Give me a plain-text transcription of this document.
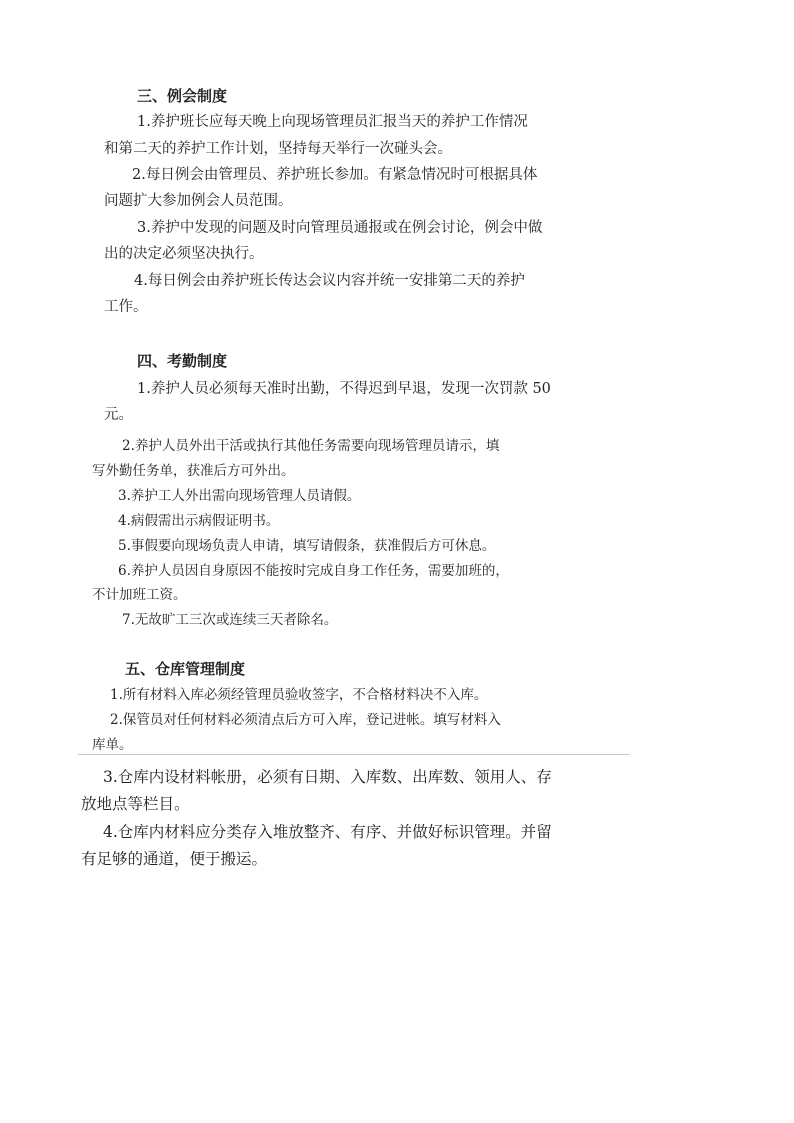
三、例会制度
1.养护班长应每天晚上向现场管理员汇报当天的养护工作情况
和第二天的养护工作计划，坚持每天举行一次碰头会。
2.每日例会由管理员、养护班长参加。有紧急情况时可根据具体
问题扩大参加例会人员范围。
3.养护中发现的问题及时向管理员通报或在例会讨论，例会中做
出的决定必须坚决执行。
4.每日例会由养护班长传达会议内容并统一安排第二天的养护
工作。
四、考勤制度
1.养护人员必须每天准时出勤，不得迟到早退，发现一次罚款 50
元。
2.养护人员外出干活或执行其他任务需要向现场管理员请示，填
写外勤任务单，获准后方可外出。
3.养护工人外出需向现场管理人员请假。
4.病假需出示病假证明书。
5.事假要向现场负责人申请，填写请假条，获准假后方可休息。
6.养护人员因自身原因不能按时完成自身工作任务，需要加班的，
不计加班工资。
7.无故旷工三次或连续三天者除名。
五、仓库管理制度
1.所有材料入库必须经管理员验收签字，不合格材料决不入库。
2.保管员对任何材料必须清点后方可入库，登记进帐。填写材料入
库单。
3.仓库内设材料帐册，必须有日期、入库数、出库数、领用人、存
放地点等栏目。
4.仓库内材料应分类存入堆放整齐、有序、并做好标识管理。并留
有足够的通道，便于搬运。
